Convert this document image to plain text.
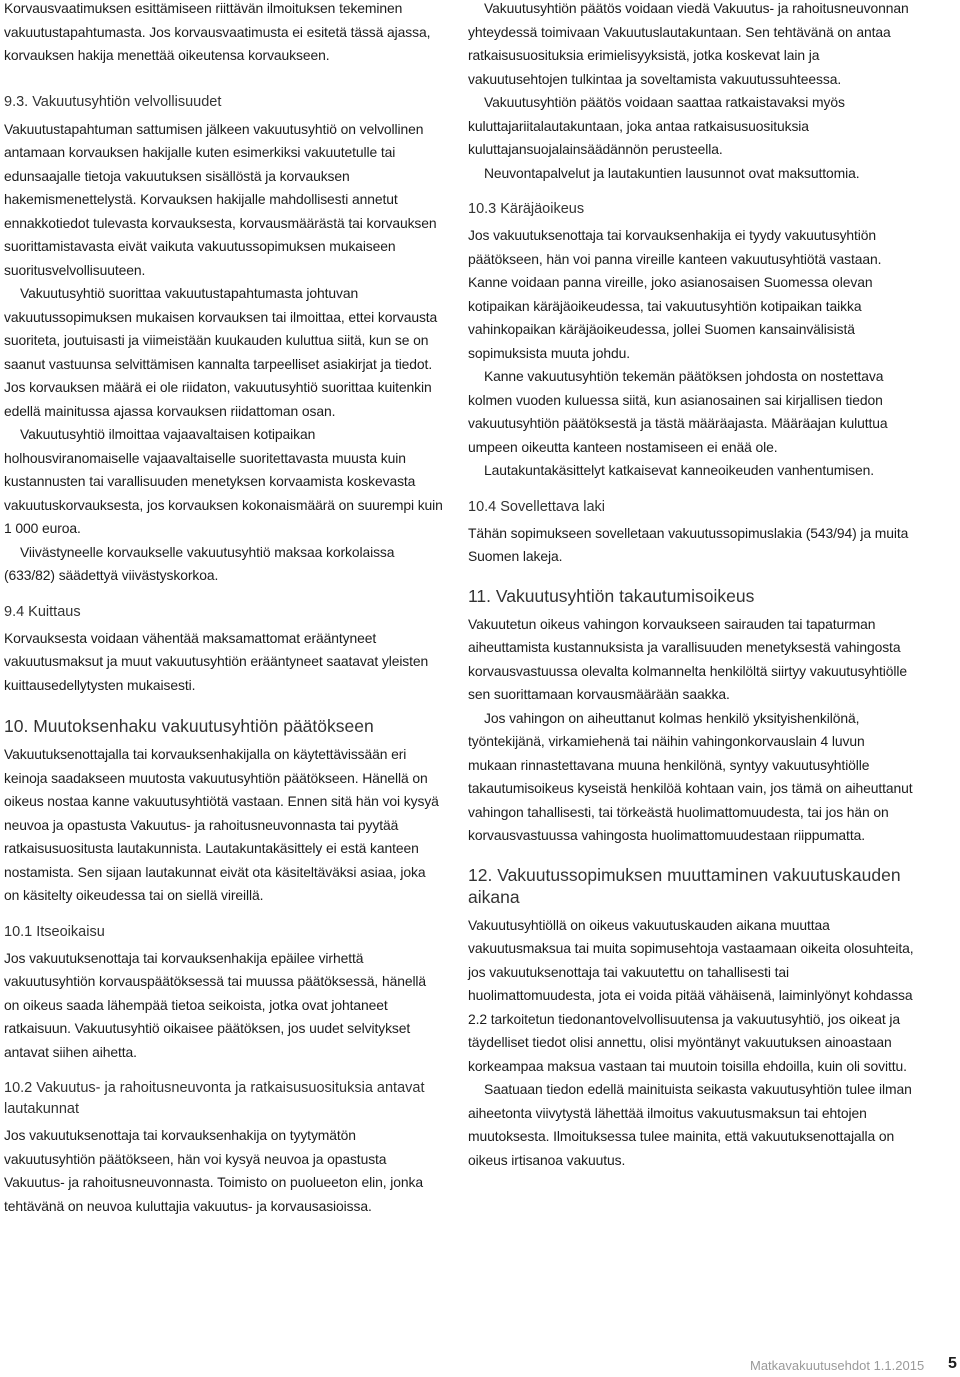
Korvausvaatimuksen esittämiseen riittävän ilmoituksen tekeminen vakuutustapahtumasta. Jos korvausvaatimusta ei esitetä tässä ajassa, korvauksen hakija menettää oikeutensa korvaukseen.

9.3. Vakuutusyhtiön velvollisuudet

Vakuutustapahtuman sattumisen jälkeen vakuutusyhtiö on velvollinen antamaan korvauksen hakijalle kuten esimerkiksi vakuutetulle tai edunsaajalle tietoja vakuutuksen sisällöstä ja korvauksen hakemismenettelystä. Korvauksen hakijalle mahdollisesti annetut ennakkotiedot tulevasta korvauksesta, korvausmäärästä tai korvauksen suorittamistavasta eivät vaikuta vakuutussopimuksen mukaiseen suoritusvelvollisuuteen.

Vakuutusyhtiö suorittaa vakuutustapahtumasta johtuvan vakuutussopimuksen mukaisen korvauksen tai ilmoittaa, ettei korvausta suoriteta, joutuisasti ja viimeistään kuukauden kuluttua siitä, kun se on saanut vastuunsa selvittämisen kannalta tarpeelliset asiakirjat ja tiedot. Jos korvauksen määrä ei ole riidaton, vakuutusyhtiö suorittaa kuitenkin edellä mainitussa ajassa korvauksen riidattoman osan.

Vakuutusyhtiö ilmoittaa vajaavaltaisen kotipaikan holhousviranomaiselle vajaavaltaiselle suoritettavasta muusta kuin kustannusten tai varallisuuden menetyksen korvaamista koskevasta vakuutuskorvauksesta, jos korvauksen kokonaismäärä on suurempi kuin 1 000 euroa.

Viivästyneelle korvaukselle vakuutusyhtiö maksaa korkolaissa (633/82) säädettyä viivästyskorkoa.

9.4 Kuittaus

Korvauksesta voidaan vähentää maksamattomat erääntyneet vakuutusmaksut ja muut vakuutusyhtiön erääntyneet saatavat yleisten kuittausedellytysten mukaisesti.

10. Muutoksenhaku vakuutusyhtiön päätökseen

Vakuutuksenottajalla tai korvauksenhakijalla on käytettävissään eri keinoja saadakseen muutosta vakuutusyhtiön päätökseen. Hänellä on oikeus nostaa kanne vakuutusyhtiötä vastaan. Ennen sitä hän voi kysyä neuvoa ja opastusta Vakuutus- ja rahoitusneuvonnasta tai pyytää ratkaisusuositusta lautakunnista. Lautakuntakäsittely ei estä kanteen nostamista. Sen sijaan lautakunnat eivät ota käsiteltäväksi asiaa, joka on käsitelty oikeudessa tai on siellä vireillä.

10.1 Itseoikaisu

Jos vakuutuksenottaja tai korvauksenhakija epäilee virhettä vakuutusyhtiön korvauspäätöksessä tai muussa päätöksessä, hänellä on oikeus saada lähempää tietoa seikoista, jotka ovat johtaneet ratkaisuun. Vakuutusyhtiö oikaisee päätöksen, jos uudet selvitykset antavat siihen aihetta.

10.2 Vakuutus- ja rahoitusneuvonta ja ratkaisusuosituksia antavat lautakunnat

Jos vakuutuksenottaja tai korvauksenhakija on tyytymätön vakuutusyhtiön päätökseen, hän voi kysyä neuvoa ja opastusta Vakuutus- ja rahoitusneuvonnasta. Toimisto on puolueeton elin, jonka tehtävänä on neuvoa kuluttajia vakuutus- ja korvausasioissa.

Vakuutusyhtiön päätös voidaan viedä Vakuutus- ja rahoitusneuvonnan yhteydessä toimivaan Vakuutuslautakuntaan. Sen tehtävänä on antaa ratkaisusuosituksia erimielisyyksistä, jotka koskevat lain ja vakuutusehtojen tulkintaa ja soveltamista vakuutussuhteessa.

Vakuutusyhtiön päätös voidaan saattaa ratkaistavaksi myös kuluttajariitalautakuntaan, joka antaa ratkaisusuosituksia kuluttajansuojalainsäädännön perusteella.

Neuvontapalvelut ja lautakuntien lausunnot ovat maksuttomia.

10.3 Käräjäoikeus

Jos vakuutuksenottaja tai korvauksenhakija ei tyydy vakuutusyhtiön päätökseen, hän voi panna vireille kanteen vakuutusyhtiötä vastaan. Kanne voidaan panna vireille, joko asianosaisen Suomessa olevan kotipaikan käräjäoikeudessa, tai vakuutusyhtiön kotipaikan taikka vahinkopaikan käräjäoikeudessa, jollei Suomen kansainvälisistä sopimuksista muuta johdu.

Kanne vakuutusyhtiön tekemän päätöksen johdosta on nostettava kolmen vuoden kuluessa siitä, kun asianosainen sai kirjallisen tiedon vakuutusyhtiön päätöksestä ja tästä määräajasta. Määräajan kuluttua umpeen oikeutta kanteen nostamiseen ei enää ole.

Lautakuntakäsittelyt katkaisevat kanneoikeuden vanhentumisen.

10.4 Sovellettava laki

Tähän sopimukseen sovelletaan vakuutussopimuslakia (543/94) ja muita Suomen lakeja.

11. Vakuutusyhtiön takautumisoikeus

Vakuutetun oikeus vahingon korvaukseen sairauden tai tapaturman aiheuttamista kustannuksista ja varallisuuden menetyksestä vahingosta korvausvastuussa olevalta kolmannelta henkilöltä siirtyy vakuutusyhtiölle sen suorittamaan korvausmäärään saakka.

Jos vahingon on aiheuttanut kolmas henkilö yksityishenkilönä, työntekijänä, virkamiehenä tai näihin vahingonkorvauslain 4 luvun mukaan rinnastettavana muuna henkilönä, syntyy vakuutusyhtiölle takautumisoikeus kyseistä henkilöä kohtaan vain, jos tämä on aiheuttanut vahingon tahallisesti, tai törkeästä huolimattomuudesta, tai jos hän on korvausvastuussa vahingosta huolimattomuudestaan riippumatta.

12. Vakuutussopimuksen muuttaminen vakuutuskauden aikana

Vakuutusyhtiöllä on oikeus vakuutuskauden aikana muuttaa vakuutusmaksua tai muita sopimusehtoja vastaamaan oikeita olosuhteita, jos vakuutuksenottaja tai vakuutettu on tahallisesti tai huolimattomuudesta, jota ei voida pitää vähäisenä, laiminlyönyt kohdassa 2.2 tarkoitetun tiedonantovelvollisuutensa ja vakuutusyhtiö, jos oikeat ja täydelliset tiedot olisi annettu, olisi myöntänyt vakuutuksen ainoastaan korkeampaa maksua vastaan tai muutoin toisilla ehdoilla, kuin oli sovittu.

Saatuaan tiedon edellä mainituista seikasta vakuutusyhtiön tulee ilman aiheetonta viivytystä lähettää ilmoitus vakuutusmaksun tai ehtojen muutoksesta. Ilmoituksessa tulee mainita, että vakuutuksenottajalla on oikeus irtisanoa vakuutus.

Matkavakuutusehdot 1.1.2015 5
